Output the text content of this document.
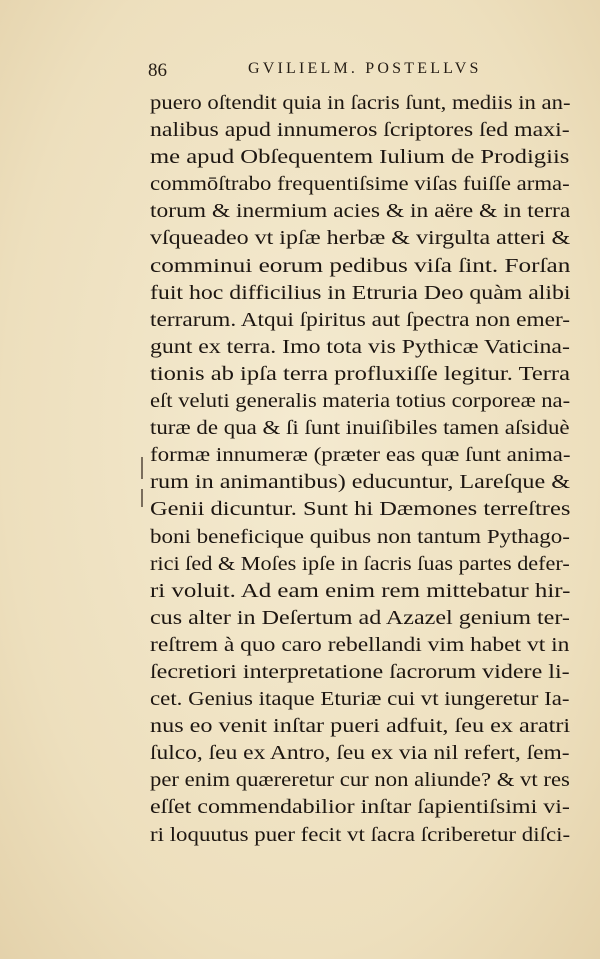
86	GVILIELM. POSTELLVS
puero oſtendit quia in ſacris ſunt, mediis in an-
nalibus apud innumeros ſcriptores ſed maxi-
me apud Obſequentem Iulium de Prodigiis
commōſtrabo frequentiſsime viſas fuiſſe arma-
torum & inermium acies & in aëre & in terra
vſqueadeo vt ipſæ herbæ & virgulta atteri &
comminui eorum pedibus viſa ſint. Forſan
fuit hoc difficilius in Etruria Deo quàm alibi
terrarum. Atqui ſpiritus aut ſpectra non emer-
gunt ex terra. Imo tota vis Pythicæ Vaticina-
tionis ab ipſa terra profluxiſſe legitur. Terra
eſt veluti generalis materia totius corporeæ na-
turæ de qua & ſi ſunt inuiſibiles tamen aſsiduè
formæ innumeræ (præter eas quæ ſunt anima-
rum in animantibus) educuntur, Lareſque &
Genii dicuntur. Sunt hi Dæmones terreſtres
boni beneficique quibus non tantum Pythago-
rici ſed & Moſes ipſe in ſacris ſuas partes defer-
ri voluit. Ad eam enim rem mittebatur hir-
cus alter in Deſertum ad Azazel genium ter-
reſtrem à quo caro rebellandi vim habet vt in
ſecretiori interpretatione ſacrorum videre li-
cet. Genius itaque Eturiæ cui vt iungeretur Ia-
nus eo venit inſtar pueri adfuit, ſeu ex aratri
ſulco, ſeu ex Antro, ſeu ex via nil refert, ſem-
per enim quæreretur cur non aliunde? & vt res
eſſet commendabilior inſtar ſapientiſsimi vi-
ri loquutus puer fecit vt ſacra ſcriberetur diſci-
